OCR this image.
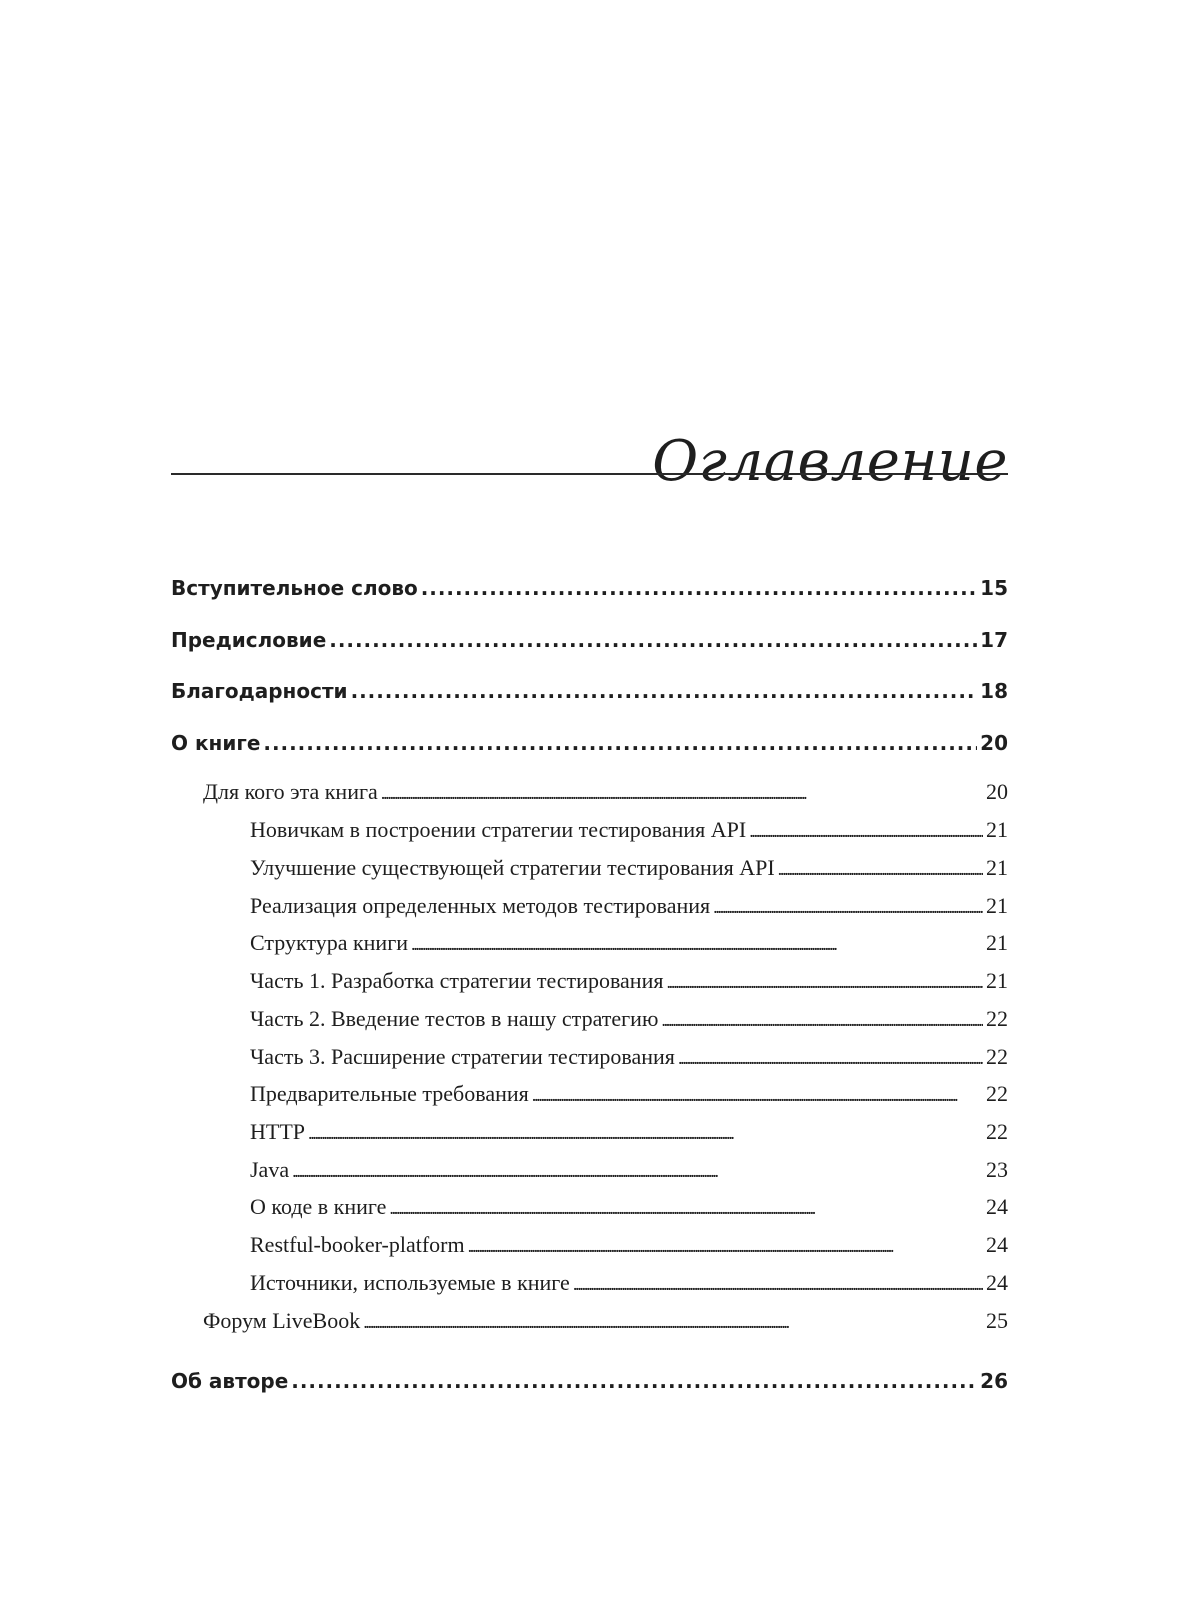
Оглавление
Вступительное слово . . .	15
Предисловие . . .	17
Благодарности . . .	18
О книге . . .	20
Для кого эта книга . . .	20
Новичкам в построении стратегии тестирования API . . .	21
Улучшение существующей стратегии тестирования API . . .	21
Реализация определенных методов тестирования . . .	21
Структура книги . . .	21
Часть 1. Разработка стратегии тестирования . . .	21
Часть 2. Введение тестов в нашу стратегию . . .	22
Часть 3. Расширение стратегии тестирования . . .	22
Предварительные требования . . .	22
HTTP . . .	22
Java . . .	23
О коде в книге . . .	24
Restful-booker-platform . . .	24
Источники, используемые в книге . . .	24
Форум LiveBook . . .	25
Об авторе . . .	26
